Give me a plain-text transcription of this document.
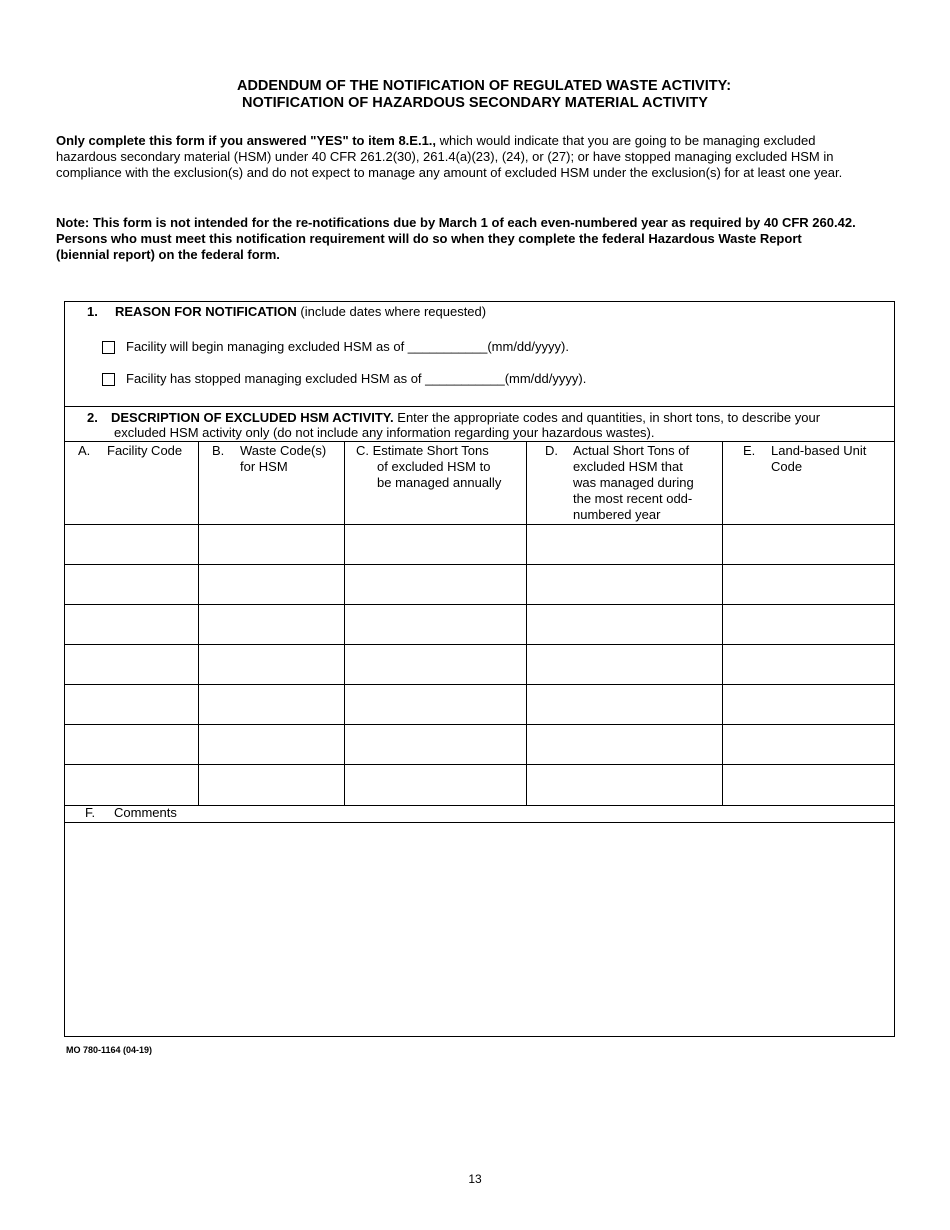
ADDENDUM OF THE NOTIFICATION OF REGULATED WASTE ACTIVITY:
NOTIFICATION OF HAZARDOUS SECONDARY MATERIAL ACTIVITY
Only complete this form if you answered "YES" to item 8.E.1., which would indicate that you are going to be managing excluded hazardous secondary material (HSM) under 40 CFR 261.2(30), 261.4(a)(23), (24), or (27); or have stopped managing excluded HSM in compliance with the exclusion(s) and do not expect to manage any amount of excluded HSM under the exclusion(s) for at least one year.
Note: This form is not intended for the re-notifications due by March 1 of each even-numbered year as required by 40 CFR 260.42. Persons who must meet this notification requirement will do so when they complete the federal Hazardous Waste Report (biennial report) on the federal form.
1. REASON FOR NOTIFICATION (include dates where requested)
Facility will begin managing excluded HSM as of ___________(mm/dd/yyyy).
Facility has stopped managing excluded HSM as of ___________(mm/dd/yyyy).
2. DESCRIPTION OF EXCLUDED HSM ACTIVITY. Enter the appropriate codes and quantities, in short tons, to describe your
excluded HSM activity only (do not include any information regarding your hazardous wastes).
A. Facility Code B. Waste Code(s)
for HSM
C. Estimate Short Tons
of excluded HSM to
be managed annually
D. Actual Short Tons of
excluded HSM that
was managed during
the most recent odd-
numbered year
E. Land-based Unit
Code
F. Comments
MO 780-1164 (04-19)
13
